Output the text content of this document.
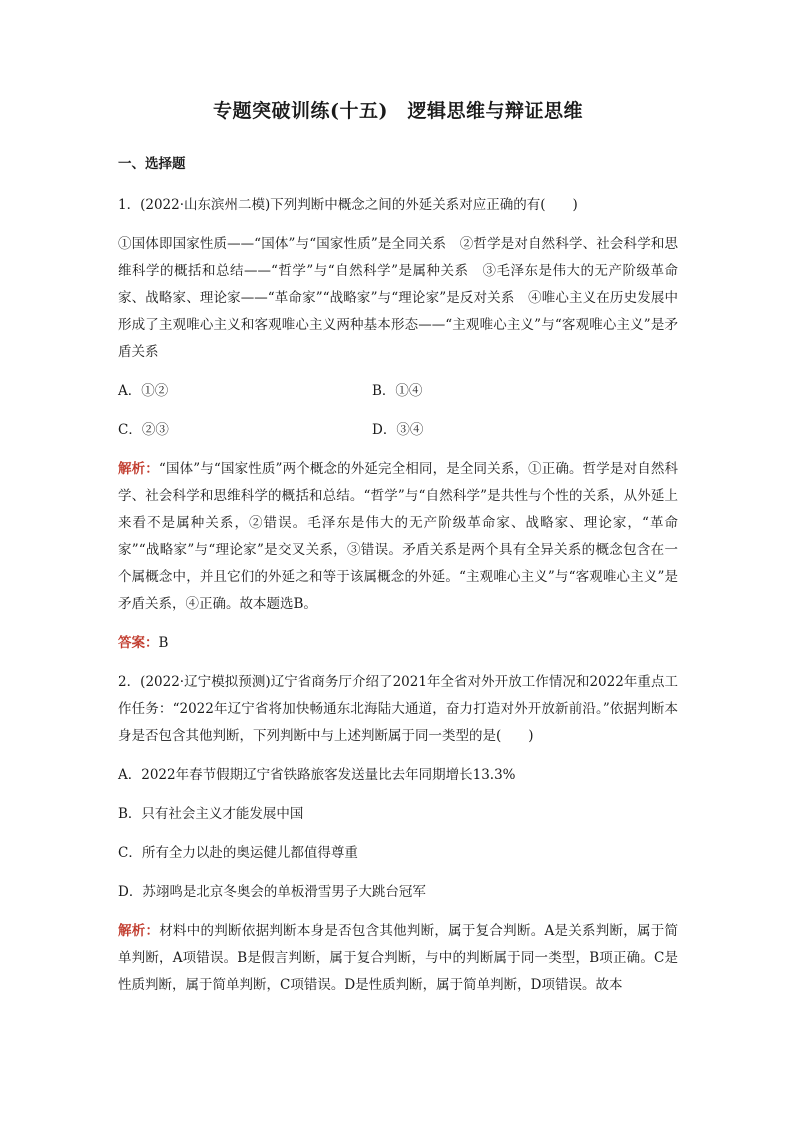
专题突破训练(十五)　逻辑思维与辩证思维
一、选择题
1．(2022·山东滨州二模)下列判断中概念之间的外延关系对应正确的有(　　)
①国体即国家性质——“国体”与“国家性质”是全同关系　②哲学是对自然科学、社会科学和思维科学的概括和总结——“哲学”与“自然科学”是属种关系　③毛泽东是伟大的无产阶级革命家、战略家、理论家——“革命家”“战略家”与“理论家”是反对关系　④唯心主义在历史发展中形成了主观唯心主义和客观唯心主义两种基本形态——“主观唯心主义”与“客观唯心主义”是矛盾关系
A．①②	B．①④
C．②③	D．③④
解析：“国体”与“国家性质”两个概念的外延完全相同，是全同关系，①正确。哲学是对自然科学、社会科学和思维科学的概括和总结。“哲学”与“自然科学”是共性与个性的关系，从外延上来看不是属种关系，②错误。毛泽东是伟大的无产阶级革命家、战略家、理论家，“革命家”“战略家”与“理论家”是交叉关系，③错误。矛盾关系是两个具有全异关系的概念包含在一个属概念中，并且它们的外延之和等于该属概念的外延。“主观唯心主义”与“客观唯心主义”是矛盾关系，④正确。故本题选B。
答案：B
2．(2022·辽宁模拟预测)辽宁省商务厅介绍了2021年全省对外开放工作情况和2022年重点工作任务：“2022年辽宁省将加快畅通东北海陆大通道，奋力打造对外开放新前沿。”依据判断本身是否包含其他判断，下列判断中与上述判断属于同一类型的是(　　)
A．2022年春节假期辽宁省铁路旅客发送量比去年同期增长13.3%
B．只有社会主义才能发展中国
C．所有全力以赴的奥运健儿都值得尊重
D．苏翊鸣是北京冬奥会的单板滑雪男子大跳台冠军
解析：材料中的判断依据判断本身是否包含其他判断，属于复合判断。A是关系判断，属于简单判断，A项错误。B是假言判断，属于复合判断，与中的判断属于同一类型，B项正确。C是性质判断，属于简单判断，C项错误。D是性质判断，属于简单判断，D项错误。故本
